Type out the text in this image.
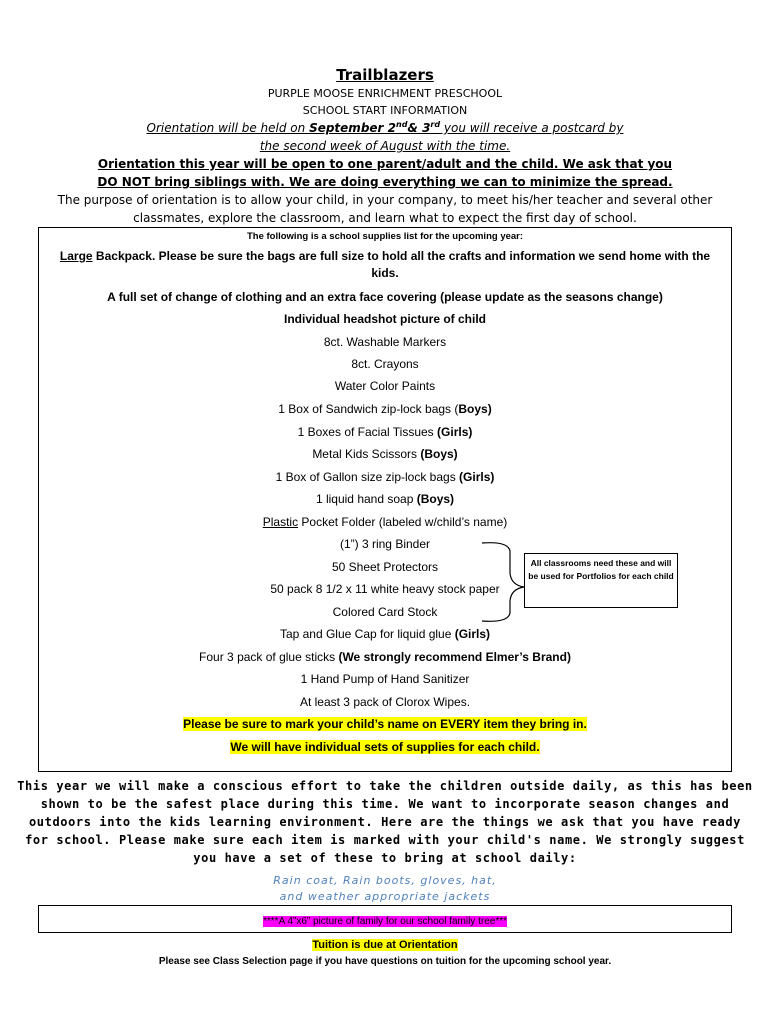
Trailblazers
PURPLE MOOSE ENRICHMENT PRESCHOOL
SCHOOL START INFORMATION
Orientation will be held on September 2nd& 3rd you will receive a postcard by
the second week of August with the time.
Orientation this year will be open to one parent/adult and the child. We ask that you
DO NOT bring siblings with. We are doing everything we can to minimize the spread.
The purpose of orientation is to allow your child, in your company, to meet his/her teacher and several other
classmates, explore the classroom, and learn what to expect the first day of school.
The following is a school supplies list for the upcoming year:
Large Backpack. Please be sure the bags are full size to hold all the crafts and information we send home with the
kids.
A full set of change of clothing and an extra face covering (please update as the seasons change)
Individual headshot picture of child
8ct. Washable Markers
8ct. Crayons
Water Color Paints
1 Box of Sandwich zip-lock bags (Boys)
1 Boxes of Facial Tissues (Girls)
Metal Kids Scissors (Boys)
1 Box of Gallon size zip-lock bags (Girls)
1 liquid hand soap (Boys)
Plastic Pocket Folder (labeled w/child’s name)
(1”) 3 ring Binder
50 Sheet Protectors
50 pack 8 1/2 x 11 white heavy stock paper
Colored Card Stock
Tap and Glue Cap for liquid glue (Girls)
Four 3 pack of glue sticks (We strongly recommend Elmer’s Brand)
1 Hand Pump of Hand Sanitizer
At least 3 pack of Clorox Wipes.
Please be sure to mark your child’s name on EVERY item they bring in.
We will have individual sets of supplies for each child.
All classrooms need these and will be used for Portfolios for each child
This year we will make a conscious effort to take the children outside daily, as this has been
shown to be the safest place during this time. We want to incorporate season changes and
outdoors into the kids learning environment. Here are the things we ask that you have ready
for school. Please make sure each item is marked with your child's name. We strongly suggest
you have a set of these to bring at school daily:
Rain coat, Rain boots, gloves, hat,
and weather appropriate jackets
****A 4”x6” picture of family for our school family tree***
Tuition is due at Orientation
Please see Class Selection page if you have questions on tuition for the upcoming school year.
